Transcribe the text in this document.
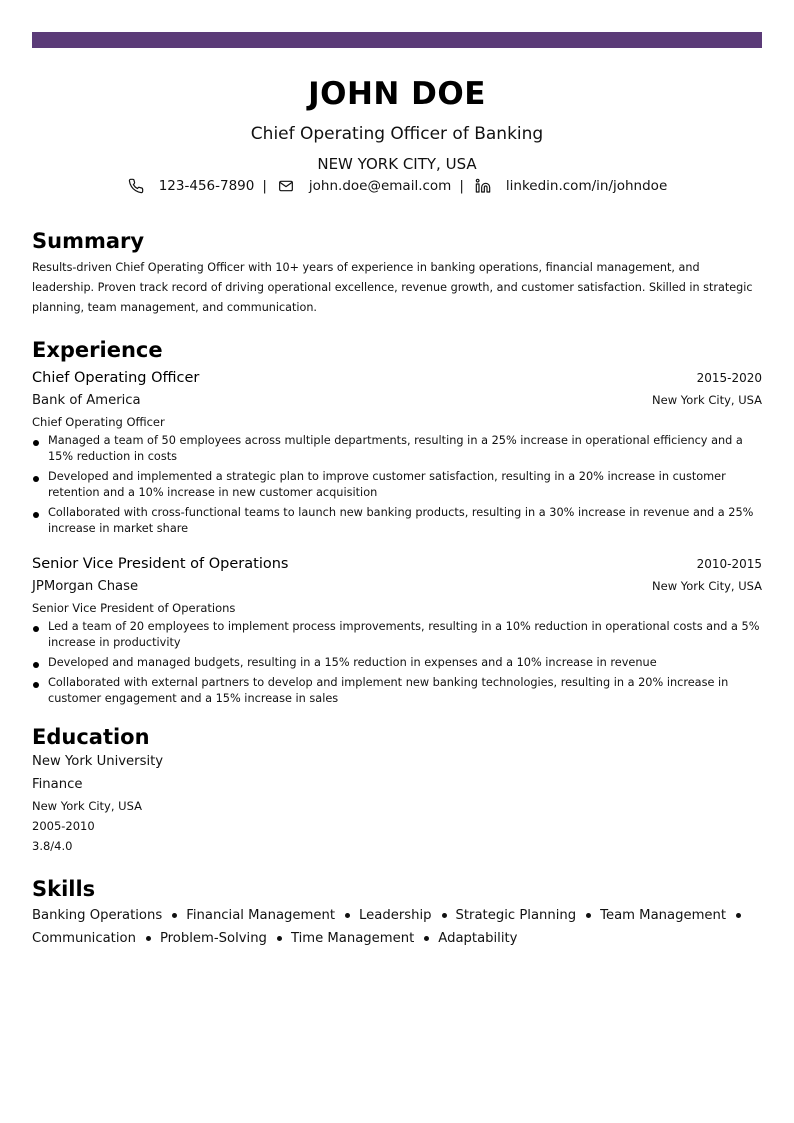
JOHN DOE
Chief Operating Officer of Banking
NEW YORK CITY, USA
123-456-7890 |	john.doe@email.com |	linkedin.com/in/johndoe
Summary

Results-driven Chief Operating Officer with 10+ years of experience in banking operations, financial management, and leadership. Proven track record of driving operational excellence, revenue growth, and customer satisfaction. Skilled in strategic planning, team management, and communication.

Experience
Chief Operating Officer	2015-2020
Bank of America	New York City, USA
Chief Operating Officer
Managed a team of 50 employees across multiple departments, resulting in a 25% increase in operational efficiency and a 15% reduction in costs
Developed and implemented a strategic plan to improve customer satisfaction, resulting in a 20% increase in customer retention and a 10% increase in new customer acquisition
Collaborated with cross-functional teams to launch new banking products, resulting in a 30% increase in revenue and a 25% increase in market share
Senior Vice President of Operations	2010-2015
JPMorgan Chase	New York City, USA
Senior Vice President of Operations
Led a team of 20 employees to implement process improvements, resulting in a 10% reduction in operational costs and a 5% increase in productivity
Developed and managed budgets, resulting in a 15% reduction in expenses and a 10% increase in revenue
Collaborated with external partners to develop and implement new banking technologies, resulting in a 20% increase in customer engagement and a 15% increase in sales
Education
New York University
Finance
New York City, USA
2005-2010
3.8/4.0
Skills
Banking Operations Financial Management Leadership Strategic Planning Team Management Communication Problem-Solving Time Management Adaptability
